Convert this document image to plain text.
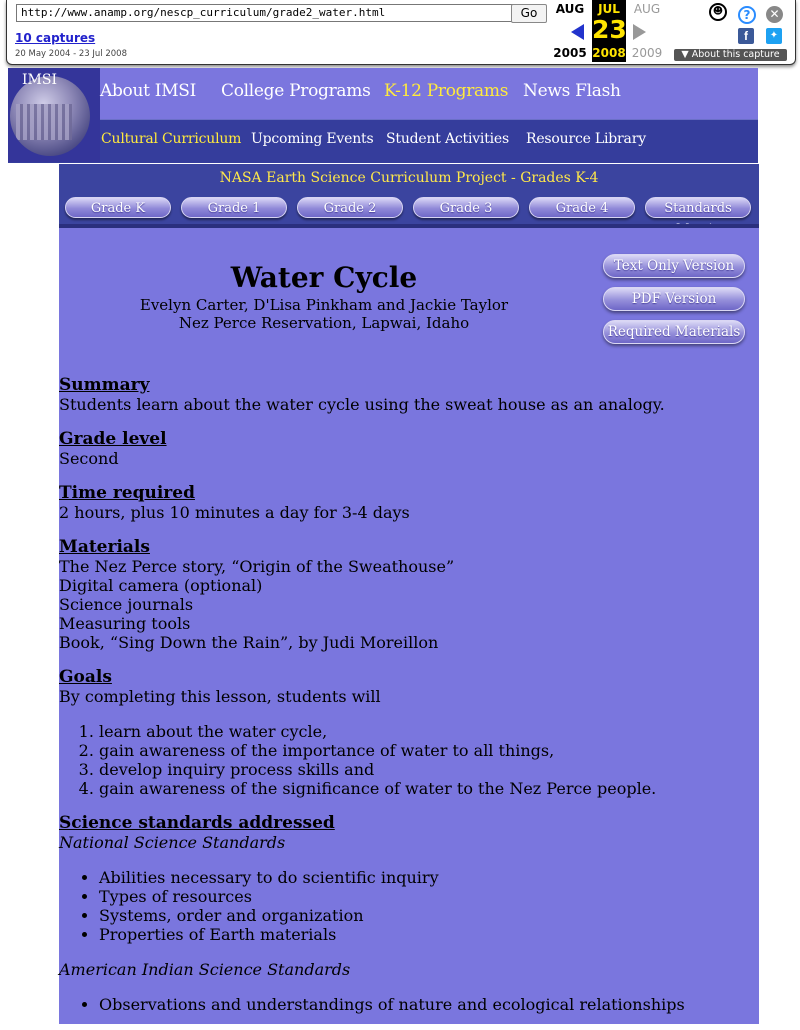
http://www.anamp.org/nescp_curriculum/grade2_water.html	Go
10 captures
20 May 2004 - 23 Jul 2008
AUG
2005
JUL
23
2008
AUG
2009
☻	?	✕
f	✦
▼ About this capture
IMSI
About IMSI College Programs K-12 Programs News Flash
Cultural Curriculum Upcoming Events Student Activities Resource Library
NASA Earth Science Curriculum Project - Grades K-4
Grade K	Grade 1	Grade 2	Grade 3	Grade 4	Standards
Water Cycle
Evelyn Carter, D'Lisa Pinkham and Jackie Taylor
Nez Perce Reservation, Lapwai, Idaho
Text Only Version
PDF Version
Required Materials

Summary

Students learn about the water cycle using the sweat house as an analogy.

Grade level

Second

Time required

2 hours, plus 10 minutes a day for 3-4 days

Materials

The Nez Perce story, “Origin of the Sweathouse”

Digital camera (optional)

Science journals

Measuring tools

Book, “Sing Down the Rain”, by Judi Moreillon

Goals

By completing this lesson, students will

1. learn about the water cycle,
2. gain awareness of the importance of water to all things,
3. develop inquiry process skills and
4. gain awareness of the significance of water to the Nez Perce people.

Science standards addressed

National Science Standards

• Abilities necessary to do scientific inquiry
• Types of resources
• Systems, order and organization
• Properties of Earth materials

American Indian Science Standards

• Observations and understandings of nature and ecological relationships
